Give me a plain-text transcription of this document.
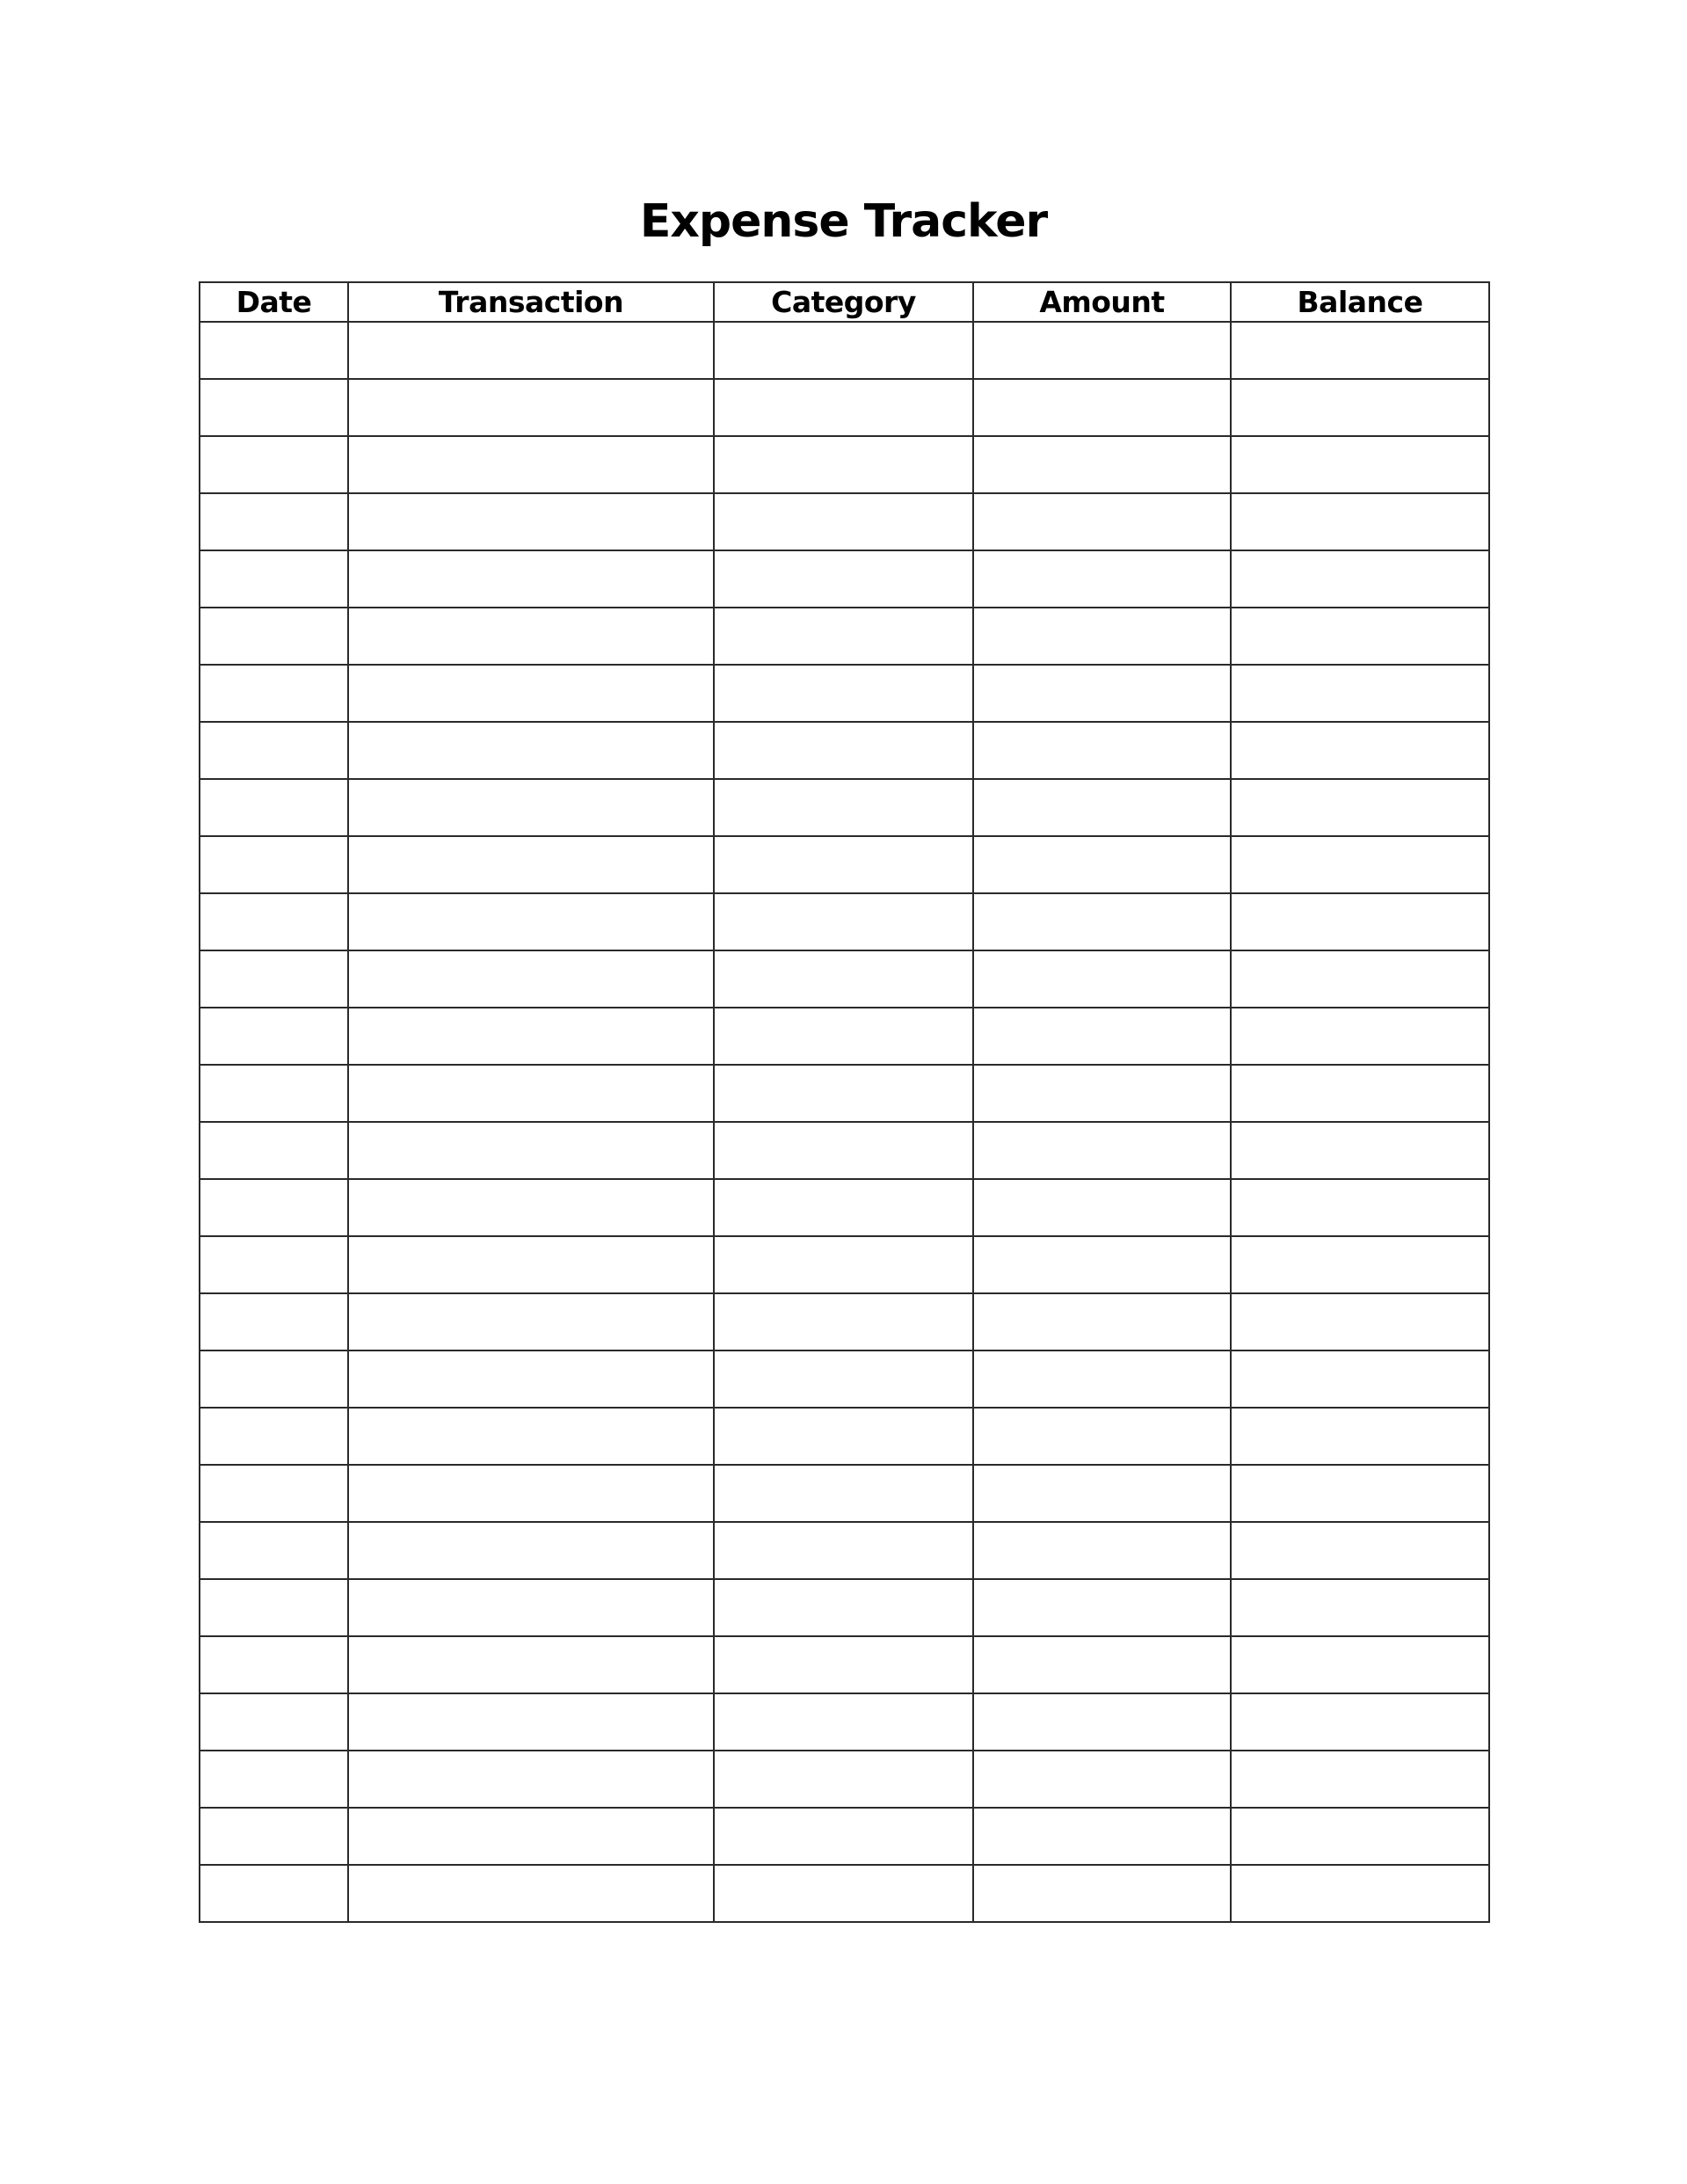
Expense Tracker
Date	Transaction	Category	Amount	Balance
